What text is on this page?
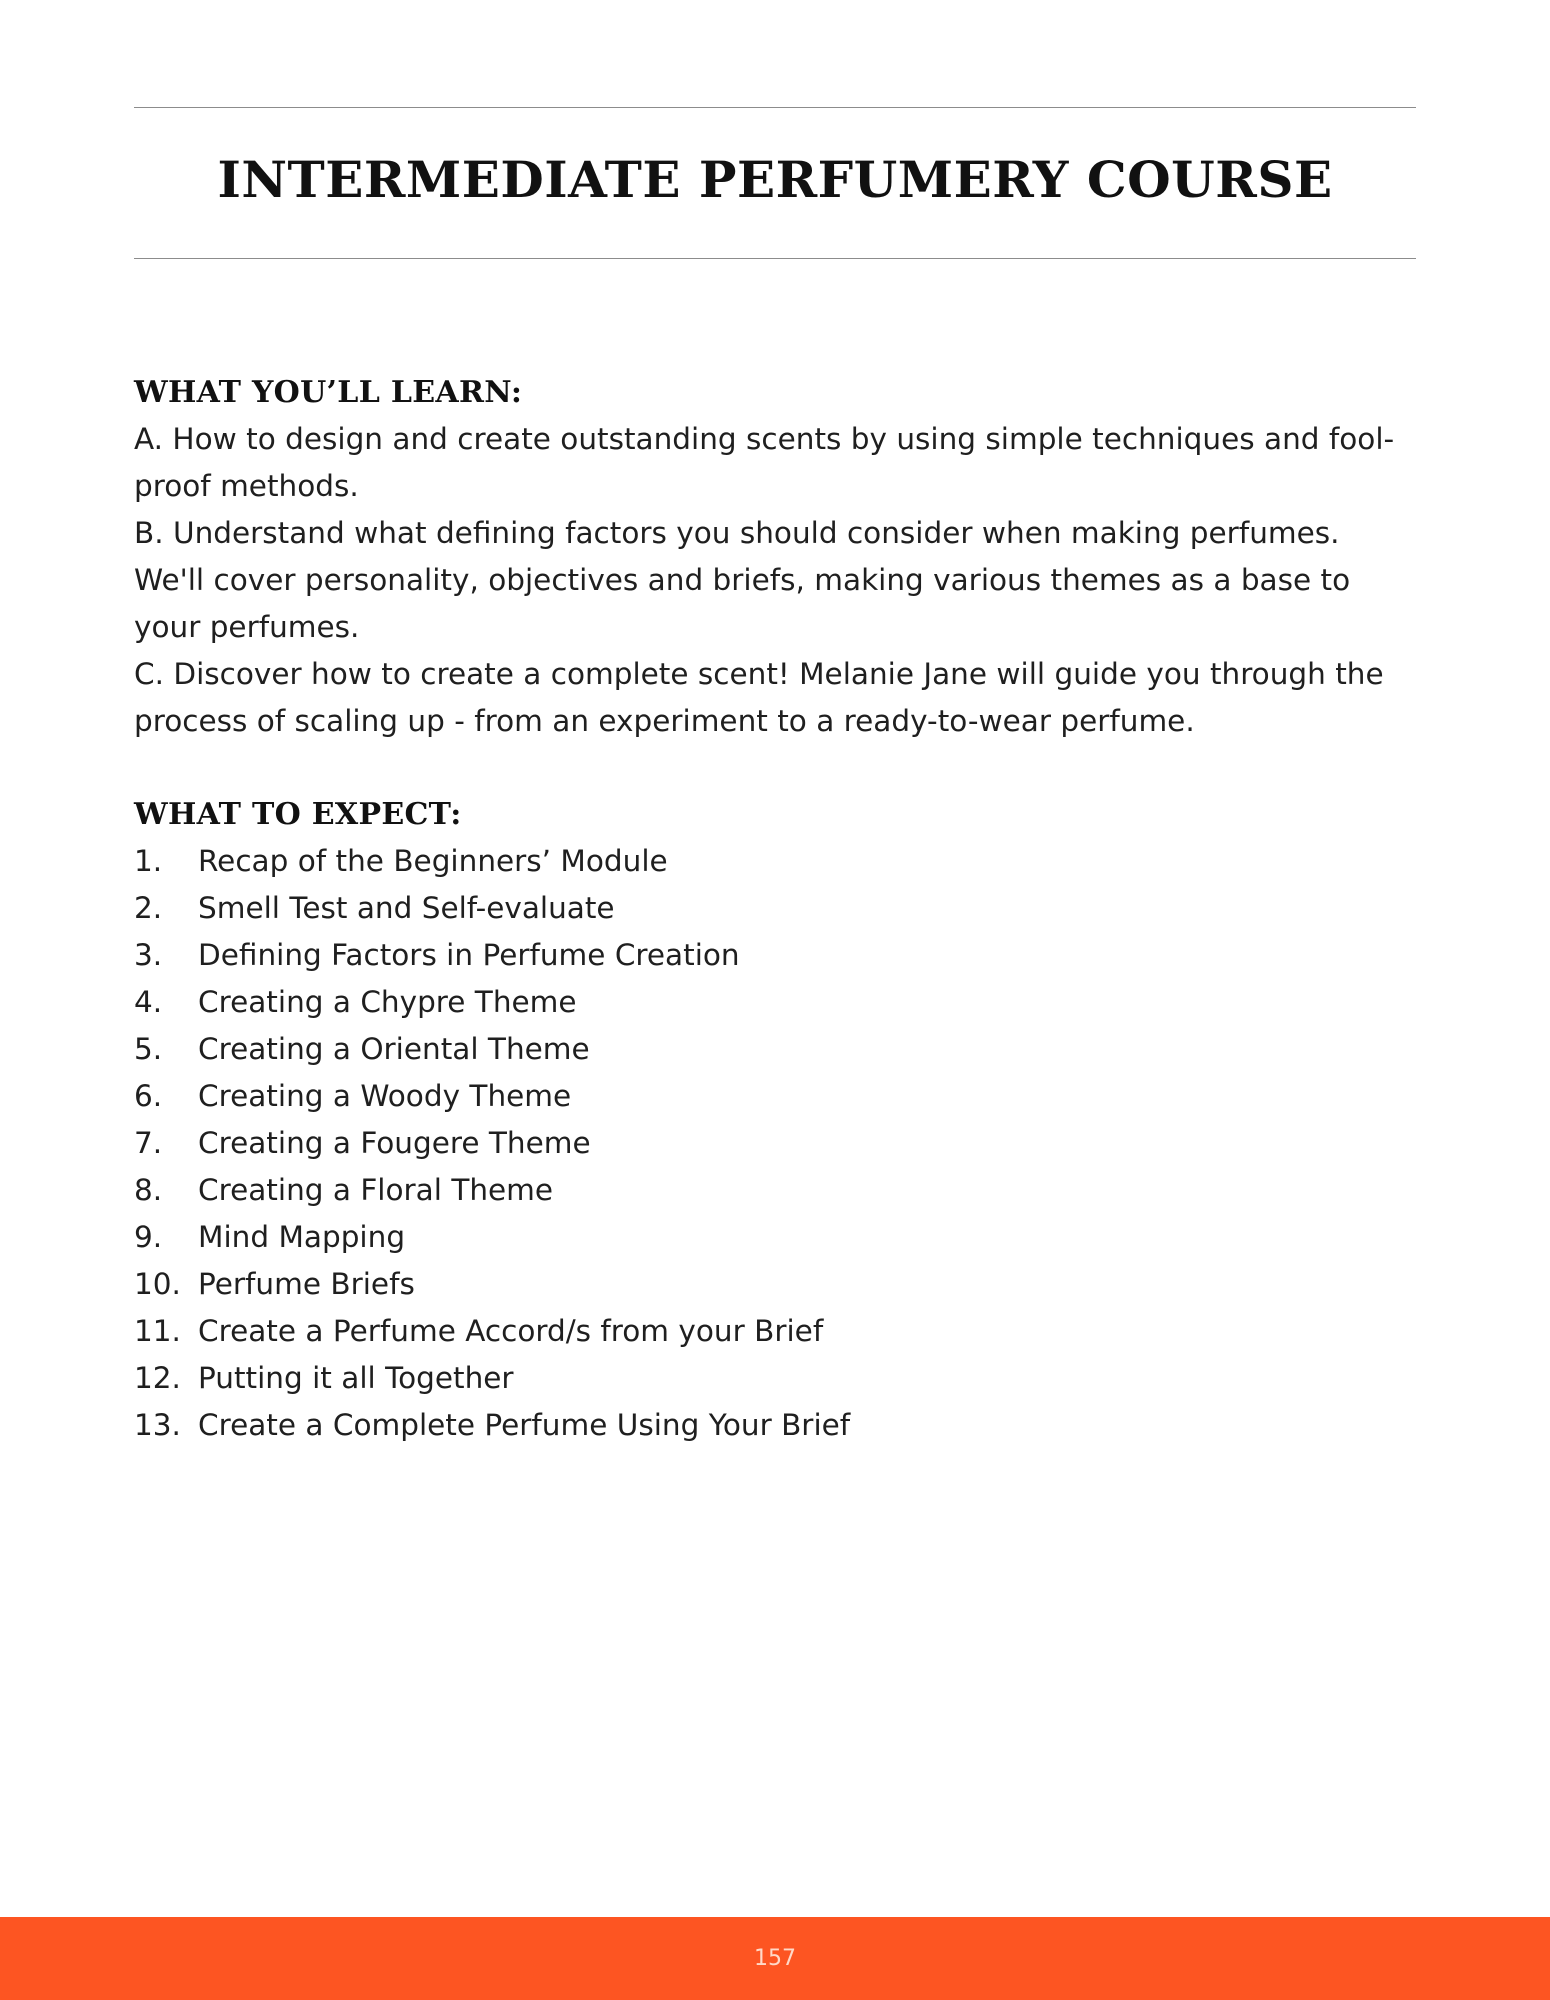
INTERMEDIATE PERFUMERY COURSE
WHAT YOU’LL LEARN:

A. How to design and create outstanding scents by using simple techniques and fool-proof methods.

B. Understand what defining factors you should consider when making perfumes. We'll cover personality, objectives and briefs, making various themes as a base to your perfumes.

C. Discover how to create a complete scent! Melanie Jane will guide you through the process of scaling up - from an experiment to a ready-to-wear perfume.

WHAT TO EXPECT:
1. Recap of the Beginners’ Module
2. Smell Test and Self-evaluate
3. Defining Factors in Perfume Creation
4. Creating a Chypre Theme
5. Creating a Oriental Theme
6. Creating a Woody Theme
7. Creating a Fougere Theme
8. Creating a Floral Theme
9. Mind Mapping
10. Perfume Briefs
11. Create a Perfume Accord/s from your Brief
12. Putting it all Together
13. Create a Complete Perfume Using Your Brief

157
